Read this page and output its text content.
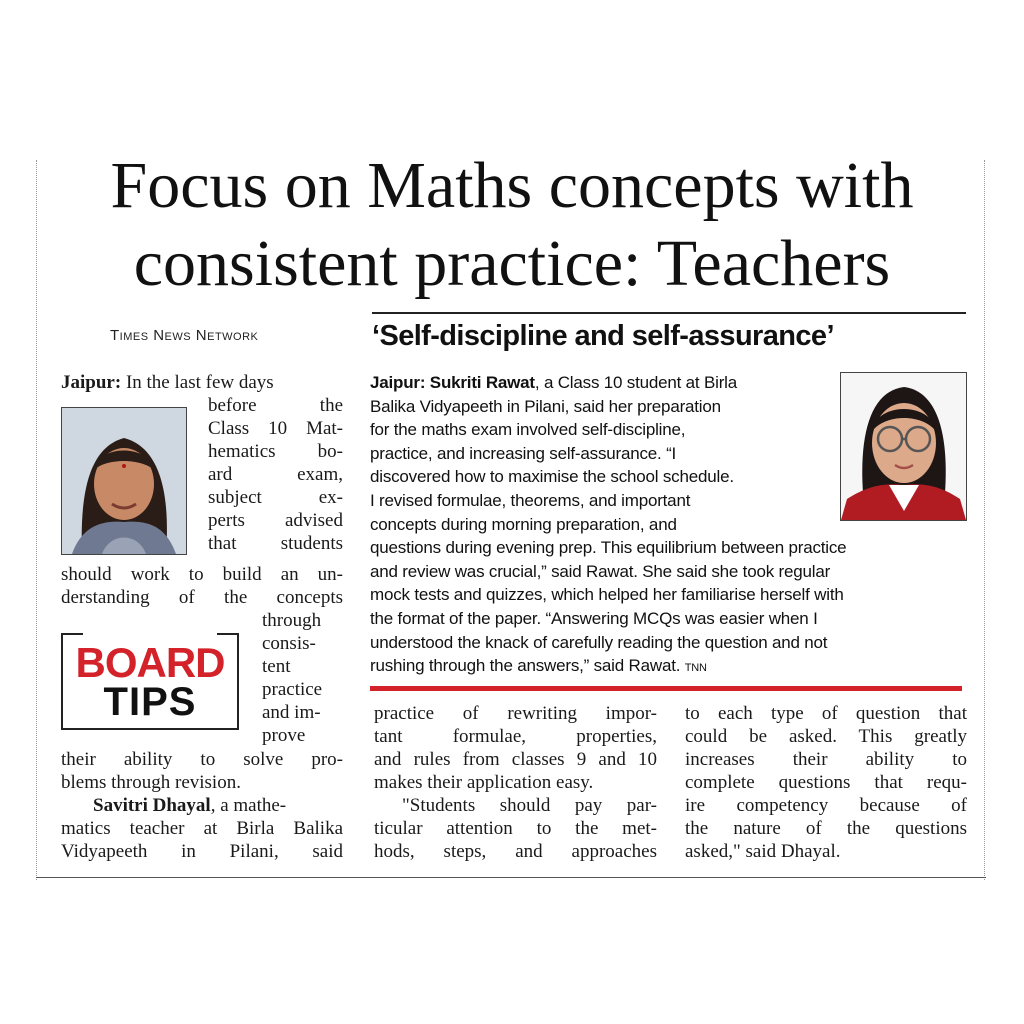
Focus on Maths concepts with
consistent practice: Teachers
Times News Network	‘Self-discipline and self-assurance’
Jaipur: In the last few days
before the
Class 10 Mat-
hematics bo-
ard exam,
subject ex-
perts advised
that students
should work to build an un-
derstanding of the concepts
BOARD
TIPS
through
consis-
tent
practice
and im-
prove
their ability to solve pro-
blems through revision.
Savitri Dhayal, a mathe-
matics teacher at Birla Balika
Vidyapeeth in Pilani, said
Jaipur: Sukriti Rawat, a Class 10 student at Birla
Balika Vidyapeeth in Pilani, said her preparation
for the maths exam involved self-discipline,
practice, and increasing self-assurance. “I
discovered how to maximise the school schedule.
I revised formulae, theorems, and important
concepts during morning preparation, and
questions during evening prep. This equilibrium between practice
and review was crucial,” said Rawat. She said she took regular
mock tests and quizzes, which helped her familiarise herself with
the format of the paper. “Answering MCQs was easier when I
understood the knack of carefully reading the question and not
rushing through the answers,” said Rawat. TNN
practice of rewriting impor-
tant formulae, properties,
and rules from classes 9 and 10
makes their application easy.
"Students should pay par-
ticular attention to the met-
hods, steps, and approaches
to each type of question that
could be asked. This greatly
increases their ability to
complete questions that requ-
ire competency because of
the nature of the questions
asked," said Dhayal.
